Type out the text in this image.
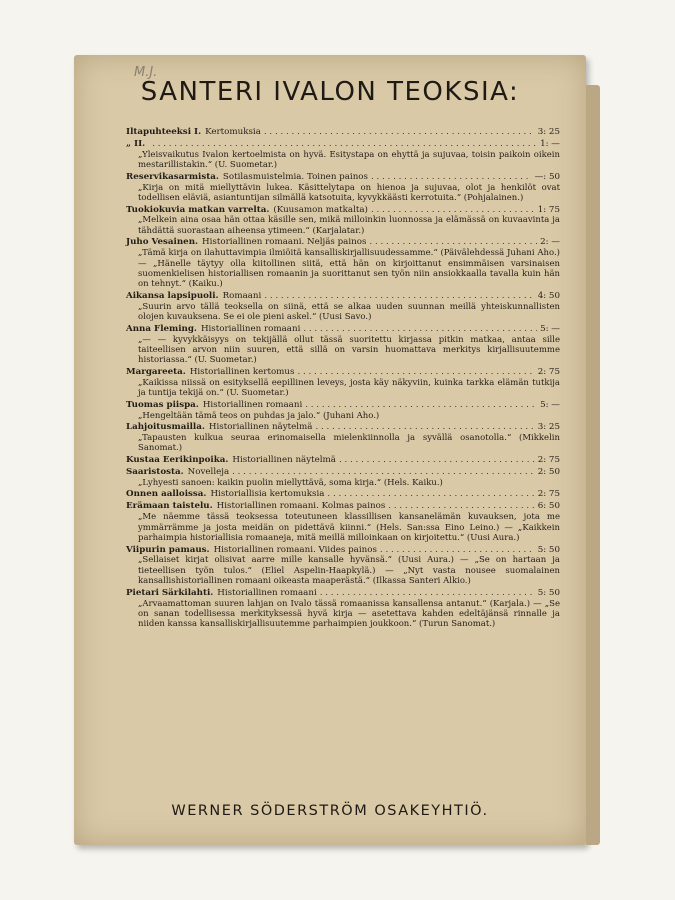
M.J.
SANTERI IVALON TEOKSIA:
Iltapuhteeksi I. Kertomuksia . . .	3: 25
„ II. . . .	1: —
„Yleisvaikutus Ivalon kertoelmista on hyvä. Esitystapa on ehyttä ja sujuvaa, toisin paikoin oikein mestarillistakin.“ (U. Suometar.)
Reservikasarmista. Sotilasmuistelmia. Toinen painos . . .	—: 50
„Kirja on mitä miellyttävin lukea. Käsittelytapa on hienoa ja sujuvaa, olot ja henkilöt ovat todellisen eläviä, asiantuntijan silmällä katsotuita, kyvykkäästi kerrotuita.“ (Pohjalainen.)
Tuokiokuvia matkan varrelta. (Kuusamon matkalta) . . .	1: 75
„Melkein aina osaa hän ottaa käsille sen, mikä milloinkin luonnossa ja elämässä on kuvaavinta ja tähdättä suorastaan aiheensa ytimeen.“ (Karjalatar.)
Juho Vesainen. Historiallinen romaani. Neljäs painos . . .	2: —
„Tämä kirja on ilahuttavimpia ilmiöitä kansalliskirjallisuudessamme.“ (Päivälehdessä Juhani Aho.) — „Hänelle täytyy olla kiitollinen siitä, että hän on kirjoittanut ensimmäisen varsinaisen suomenkielisen historiallisen romaanin ja suorittanut sen työn niin ansiokkaalla tavalla kuin hän on tehnyt.“ (Kaiku.)
Aikansa lapsipuoli. Romaani . . .	4: 50
„Suurin arvo tällä teoksella on siinä, että se alkaa uuden suunnan meillä yhteiskunnallisten olojen kuvauksena. Se ei ole pieni askel.“ (Uusi Savo.)
Anna Fleming. Historiallinen romaani . . .	5: —
„— — kyvykkäisyys on tekijällä ollut tässä suoritettu kirjassa pitkin matkaa, antaa sille taiteellisen arvon niin suuren, että sillä on varsin huomattava merkitys kirjallisuutemme historiassa.“ (U. Suometar.)
Margareeta. Historiallinen kertomus . . .	2: 75
„Kaikissa niissä on esityksellä eepillinen leveys, josta käy näkyviin, kuinka tarkka elämän tutkija ja tuntija tekijä on.“ (U. Suometar.)
Tuomas piispa. Historiallinen romaani . . .	5: —
„Hengeltään tämä teos on puhdas ja jalo.“ (Juhani Aho.)
Lahjoitusmailla. Historiallinen näytelmä . . .	3: 25
„Tapausten kulkua seuraa erinomaisella mielenkiinnolla ja syvällä osanotolla.“ (Mikkelin Sanomat.)
Kustaa Eerikinpoika. Historiallinen näytelmä . . .	2: 75
Saaristosta. Novelleja . . .	2: 50
„Lyhyesti sanoen: kaikin puolin miellyttävä, soma kirja.“ (Hels. Kaiku.)
Onnen aalloissa. Historiallisia kertomuksia . . .	2: 75
Erämaan taistelu. Historiallinen romaani. Kolmas painos . . .	6: 50
„Me näemme tässä teoksessa toteutuneen klassillisen kansanelämän kuvauksen, jota me ymmärrämme ja josta meidän on pidettävä kiinni.“ (Hels. San:ssa Eino Leino.) — „Kaikkein parhaimpia historiallisia romaaneja, mitä meillä milloinkaan on kirjoitettu.“ (Uusi Aura.)
Viipurin pamaus. Historiallinen romaani. Viides painos . . .	5: 50
„Sellaiset kirjat olisivat aarre mille kansalle hyvänsä.“ (Uusi Aura.) — „Se on hartaan ja tieteellisen työn tulos.“ (Eliel Aspelin-Haapkylä.) — „Nyt vasta nousee suomalainen kansallishistoriallinen romaani oikeasta maaperästä.“ (Ilkassa Santeri Alkio.)
Pietari Särkilahti. Historiallinen romaani . . .	5: 50
„Arvaamattoman suuren lahjan on Ivalo tässä romaanissa kansallensa antanut.“ (Karjala.) — „Se on sanan todellisessa merkityksessä hyvä kirja — asetettava kahden edeltäjänsä rinnalle ja niiden kanssa kansalliskirjallisuutemme parhaimpien joukkoon.“ (Turun Sanomat.)
WERNER SÖDERSTRÖM OSAKEYHTIÖ.
